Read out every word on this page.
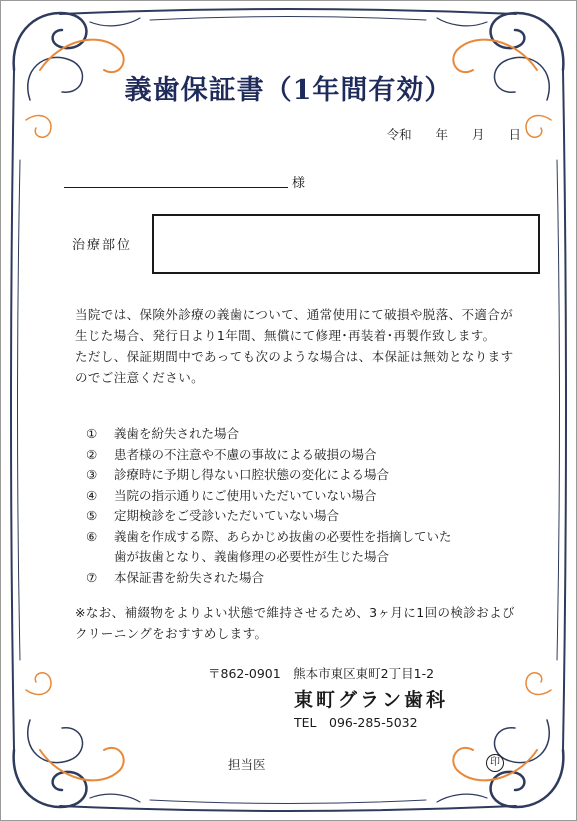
義歯保証書（1年間有効）
令和 年 月 日
様
治療部位
当院では、保険外診療の義歯について、通常使用にて破損や脱落、不適合が生じた場合、発行日より1年間、無償にて修理･再装着･再製作致します。
ただし、保証期間中であっても次のような場合は、本保証は無効となりますのでご注意ください。
①	義歯を紛失された場合
②	患者様の不注意や不慮の事故による破損の場合
③	診療時に予期し得ない口腔状態の変化による場合
④	当院の指示通りにご使用いただいていない場合
⑤	定期検診をご受診いただいていない場合
⑥	義歯を作成する際、あらかじめ抜歯の必要性を指摘していた
歯が抜歯となり、義歯修理の必要性が生じた場合
⑦	本保証書を紛失された場合
※なお、補綴物をよりよい状態で維持させるため、3ヶ月に1回の検診およびクリーニングをおすすめします。
〒862-0901　熊本市東区東町2丁目1-2
東町グラン歯科
TEL　096-285-5032
担当医	印
